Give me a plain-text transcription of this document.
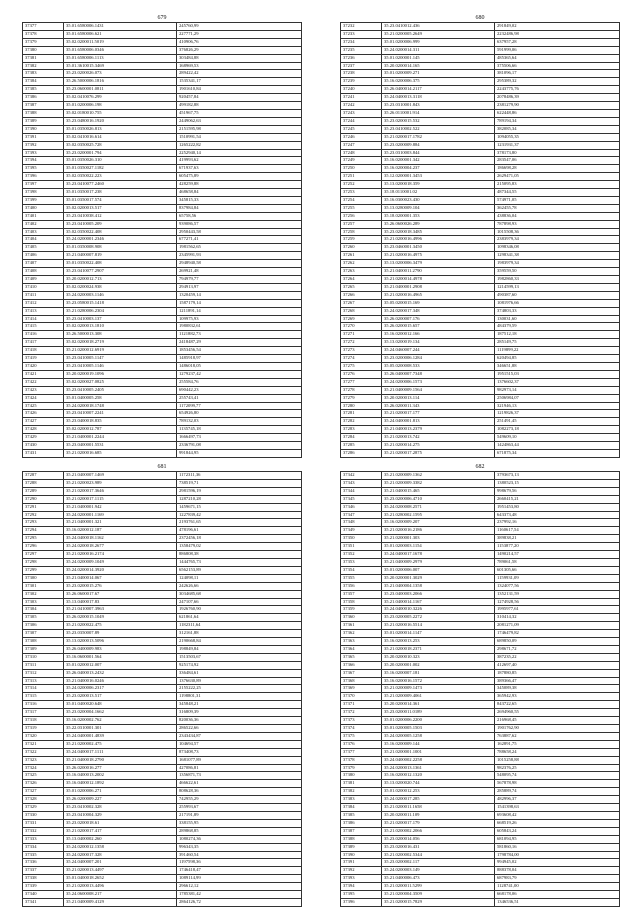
679
37377	35.01.6580006.1431	245760,99
37378	35.01.6580006.621	227771,29
37379	35.02.0200011.5019	410906,76
37380	35.01.6580006.0346	376826,29
37381	35.01.6580006.1113	303484,88
37382	35.01.3610015.3469	168969,53
37383	35.23.0200026.073	289422,42
37384	35.26.5000006.1816	1535341,17
37385	35.23.0600001.0811	1901610,84
37386	35.02.0410076.299	920457,84
37387	35.01.0200006.198	499182,88
37388	35.02.0180010.755	451967,75
37389	35.23.0480016.1920	2449062,63
37390	35.01.0350026.813	2151595,98
37391	35.02.0410016.614	1510991,54
37392	35.02.0350025.728	1265222,82
37393	35.23.0200001.794	2252940,14
37394	35.01.0350026.310	419993,62
37395	35.01.0350027.1182	671937,63
37396	35.02.0350022.223	605475,89
37397	35.23.0410077.2460	428259,88
37398	35.01.0350017.238	468658,84
37399	35.01.0350017.574	345815,33
37400	35.02.0200013.517	837984,84
37401	35.23.0410038.412	65758,56
37402	35.23.0410005.209	939086,57
37403	35.02.0350022.408	2950443,58
37404	35.24.0200001.2346	677271,41
37405	35.01.0350008.908	1981562,65
37406	35.21.0400007.819	2345991,93
37407	35.01.0350022.408	2948940,58
37408	35.23.0410077.2907	269921,48
37409	35.20.0200012.713	794979,77
37410	35.02.0200024.938	294913,97
37411	35.24.0200003.1146	1320459,14
37412	35.23.0580015.1418	1587179,14
37413	35.21.0280006.2304	1211891,14
37414	35.23.0410003.137	109975,93
37415	35.02.0200013.1810	1980832,61
37416	35.26.5000013.308	1121882,73
37417	35.02.0200018.2719	2418487,29
37418	35.21.0200012.6919	1853456,54
37419	35.23.0410005.1147	1485918,97
37420	35.23.0410005.1146	1486018,05
37421	35.20.0200019.1096	1279237,42
37422	35.02.0200027.0825	255584,76
37423	35.23.0410005.2405	690442,23
37424	35.01.0400005.258	255743,41
37425	35.24.0200018.1748	1172099,77
37426	35.23.0410007.2241	654926,80
37427	35.23.0400018.835	789132,03
37428	35.02.0200012.787	1135745,18
37429	35.21.0400001.2244	1666497,73
37430	35.23.0400001.5531	2336791,08
37431	35.21.0200016.685	991844,95
680
37232	35.23.0410012.436	291849,02
37233	35.21.0200005.2649	2232486,98
37234	35.01.0200006.999	637957,28
37235	35.24.0200014.311	591999,06
37236	35.01.0200001.145	485365,64
37237	35.20.0200014.165	375506,66
37238	35.01.0200009.271	381096,17
37239	35.16.0200006.375	295389,32
37240	35.26.0400014.2117	2243775,76
37241	35.24.0400013.3118	2078486,39
37242	35.23.0310001.843	2381279,90
37243	35.26.0110001.914	622448,86
37244	35.23.0200015.532	789194,34
37245	35.23.0410002.522	382085,34
37246	35.21.0200017.1782	1094055,35
37247	35.23.0200009.884	1231931,37
37248	35.23.0310003.844	378173,80
37249	35.16.0200001.342	283547,06
37250	35.16.0200004.237	186698,28
37251	35.12.0200001.3453	2629471,05
37252	35.13.0200018.359	215095,83
37253	35.18.0110001.02	487344,55
37254	35.16.0300023.430	574971,05
37255	35.13.0280009.104	362455,78
37256	35.18.0200001.353	438836,04
37257	35.26.0600026.289	787898,93
37258	35.23.0200018.3485	1015508,36
37259	35.21.0200016.4996	2383979,34
37260	35.23.0460001.3450	1098346,08
37261	35.21.0200016.4975	1298341,38
37262	35.13.0200006.3479	1983979,34
37263	35.21.0400011.2790	359559,50
37264	35.21.0200014.4978	1982860,33
37265	35.21.0400001.2908	1214599,13
37266	35.21.0200016.4965	490387,60
37267	35.05.0200015.169	1081976,66
37268	35.24.0200017.348	374803,33
37269	35.26.0200007.176	130031,60
37270	35.26.0200015.657	484379,59
37271	35.16.0200012.166	187512,18
37272	35.13.0200019.134	285149,75
37273	35.24.0460007.244	1119899,22
37274	35.23.0200006.1284	620494,85
37275	35.05.0200008.533	346651,88
37276	35.26.0400007.7348	1951515,03
37277	35.24.0200006.1573	1376602,37
37278	35.21.0400009.1564	982973,14
37279	35.20.0200013.114	2506984,07
37280	35.26.0200011.343	321946,13
37281	35.21.0200017.177	1219826,37
37282	35.24.0400001.813	251491,45
37283	35.21.0400013.2379	1082273,18
37284	35.21.0200013.742	549609,10
37285	35.21.0200014.275	1424863,44
37286	35.21.0200017.2875	671875,34
681
37287	35.21.0400007.1469	1172311,36
37288	35.21.0200023.989	738519,71
37289	35.21.0200017.3646	2981596,19
37290	35.21.0200017.1115	1287210,28
37291	35.21.0400001.942	1459671,15
37292	35.24.0200001.1169	1227839,42
37293	35.21.0400001.321	2193761,65
37294	35.16.0200012.187	478196,61
37295	35.24.0400018.1162	2372456,18
37296	35.24.0200018.2677	1358479,02
37297	35.21.0200016.2174	886808,38
37298	35.24.0200009.1049	1444765,73
37299	35.24.0200014.3920	6562153,89
37300	35.21.0400014.067	124098,11
37301	35.23.0200015.276	242626,66
37302	35.26.0600017.67	3034685,68
37303	35.13.0400017.83	247107,66
37304	35.21.0410007.3963	1926760,90
37305	35.26.0200015.1049	621861,64
37306	35.21.0200022.475	1182311,64
37307	35.23.0350007.89	312161,88
37308	35.13.0200013.5096	2190668,84
37309	35.26.0400009.983	198849,84
37310	35.16.0600001.564	1513503,67
37311	35.01.0200012.007	925174,92
37312	35.26.0400013.2432	336484,61
37313	35.21.0400016.0246	1376630,89
37314	35.24.0200006.2317	2155222,25
37315	35.23.0200013.517	1198801,31
37316	35.01.0400020.648	345848,21
37317	35.23.0200004.1662	316809,39
37318	35.16.0200002.762	820036,36
37319	35.22.0310001.301	286522,66
37320	35.24.0400001.4839	2343434,87
37321	35.21.0200002.475	104694,57
37322	35.24.0400017.1111	873408,73
37323	35.21.0400018.2790	1681077,89
37324	35.26.0200016.277	427086,81
37325	35.16.0400013.2002	1356871,73
37326	35.16.0400012.1892	466622,61
37327	35.01.0200006.271	808628,36
37328	35.26.0200009.227	742955,29
37329	35.23.0410002.328	255993,67
37330	35.23.0410004.329	217191,89
37331	35.23.0200018.61	338155,95
37332	35.21.0200017.417	289868,85
37333	35.13.0400002.260	1080274,36
37334	35.24.0200012.1358	996343,35
37335	35.24.0200017.328	391460,54
37336	35.24.0400007.201	1197598,36
37337	35.21.0200013.4497	1746418,47
37338	35.01.0400018.2652	1089114,99
37339	35.21.0200013.4496	296612,12
37340	35.24.0600008.217	1785381,42
37341	35.21.0400009.4129	2864126,72
682
37342	35.21.0200009.1362	3793673,13
37343	35.21.0200009.3382	1380523,15
37344	35.21.0400015.465	998679,56
37345	35.23.0200006.4710	2660415,21
37346	35.24.0200008.2571	1951453,80
37347	35.21.0280002.1595	643373,48
37348	35.16.0200009.207	237992,16
37349	35.21.0200016.2186	1160617,54
37350	35.21.0200001.303	389838,21
37351	35.01.0200003.1154	1153877,20
37352	35.24.0400017.1678	1490214,57
37353	35.21.0400009.2979	789061,58
37354	35.01.0200006.007	601305,66
37355	35.20.0200001.3029	1159931,09
37356	35.21.0400004.1358	1324077,56
37357	35.23.0400003.2066	1352131,59
37358	35.21.0400014.1167	1274928,56
37359	35.24.0400010.3226	1995977,61
37360	35.23.0200005.2272	310414,32
37361	35.21.0200016.5514	2081271,09
37362	35.01.0200014.1147	1746479,82
37363	35.16.0200013.253	689850,09
37364	35.21.0200018.2371	298671,72
37365	35.20.0200010.323	387235,22
37366	35.20.0200001.002	412697,40
37367	35.16.0200007.181	187880,85
37368	35.16.0200016.1572	389366,47
37369	35.21.0200009.1473	345089,38
37370	35.21.0200009.4061	365942,93
37371	35.20.0200014.361	843722,65
37372	35.23.0200011.0189	2694960,55
37373	35.01.0200006.2200	216968,45
37374	35.01.0200005.1503	1901762,90
37375	35.24.0200005.1258	763887,62
37376	35.16.0200009.144	162891,75
37377	35.21.0200001.1001	788658,24
37378	35.24.0400002.2258	1015258,88
37379	35.24.0200013.1361	982376,25
37380	35.16.0200012.1320	548095,74
37381	35.13.0200020.744	567878,98
37382	35.01.0200012.253	285889,74
37383	35.24.0200017.285	482996,37
37384	35.21.0200011.1658	1541398,63
37385	35.20.0200011.109	693608,42
37386	35.21.0200017.179	668519,26
37387	35.21.0200002.2066	605843,24
37388	35.23.0200014.056	681094,95
37389	35.23.0200016.431	581860,16
37390	35.21.0200002.5344	1798784,00
37391	35.23.0200002.117	994945,02
37392	35.24.0200003.149	888378,04
37393	35.21.0400006.473	687983,79
37394	35.21.0200011.5299	1128741,00
37395	35.21.0200004.3509	668178,06
37396	35.21.0200015.7829	1346536,51
